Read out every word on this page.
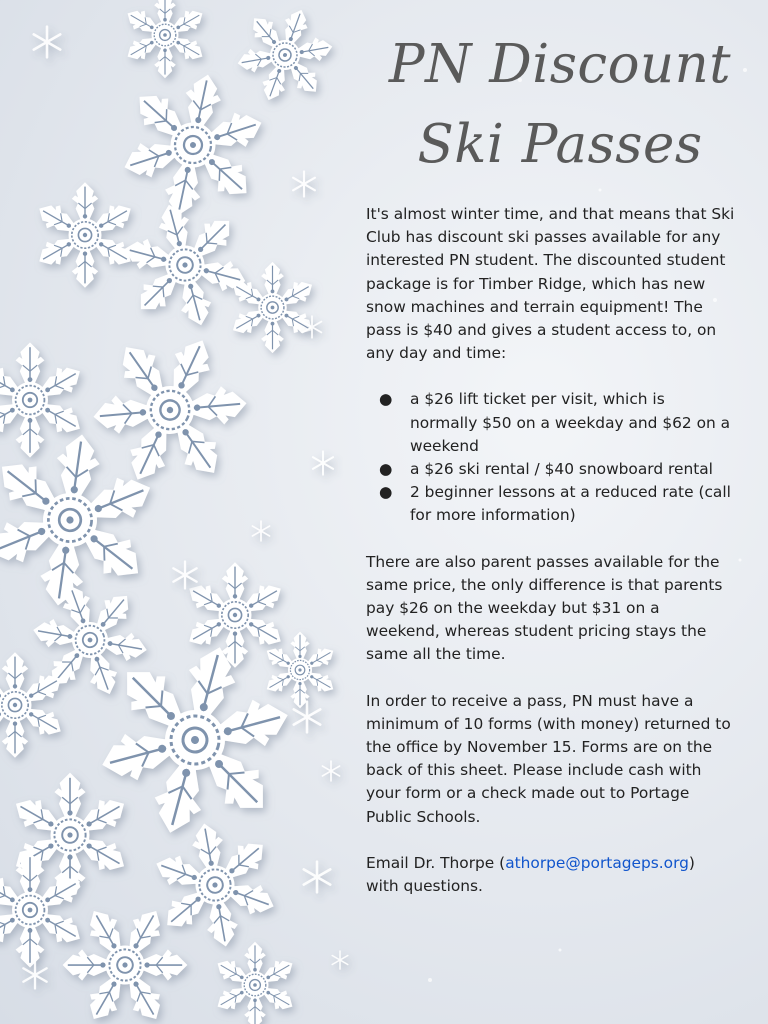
PN Discount
Ski Passes

It's almost winter time, and that means that Ski Club has discount ski passes available for any interested PN student. The discounted student package is for Timber Ridge, which has new snow machines and terrain equipment! The pass is $40 and gives a student access to, on any day and time:

● a $26 lift ticket per visit, which is normally $50 on a weekday and $62 on a weekend
● a $26 ski rental / $40 snowboard rental
● 2 beginner lessons at a reduced rate (call for more information)

There are also parent passes available for the same price, the only difference is that parents pay $26 on the weekday but $31 on a weekend, whereas student pricing stays the same all the time.

In order to receive a pass, PN must have a minimum of 10 forms (with money) returned to the office by November 15. Forms are on the back of this sheet. Please include cash with your form or a check made out to Portage Public Schools.

Email Dr. Thorpe (athorpe@portageps.org)
with questions.
